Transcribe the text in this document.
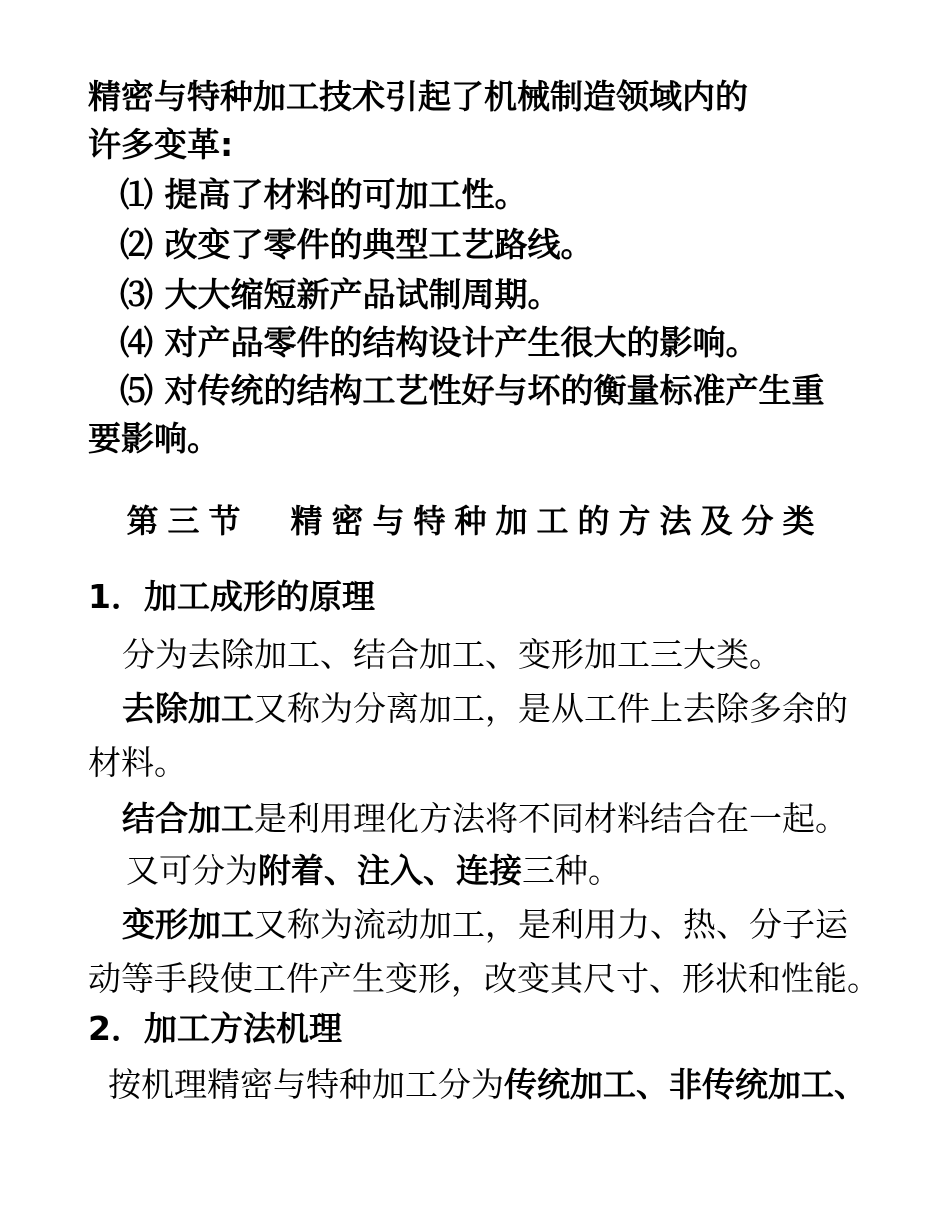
精密与特种加工技术引起了机械制造领域内的
许多变革:
⑴ 提高了材料的可加工性。
⑵ 改变了零件的典型工艺路线。
⑶ 大大缩短新产品试制周期。
⑷ 对产品零件的结构设计产生很大的影响。
⑸ 对传统的结构工艺性好与坏的衡量标准产生重
要影响。
第三节　精密与特种加工的方法及分类
1．加工成形的原理
分为去除加工、结合加工、变形加工三大类。
去除加工又称为分离加工，是从工件上去除多余的
材料。
结合加工是利用理化方法将不同材料结合在一起。
又可分为附着、注入、连接三种。
变形加工又称为流动加工，是利用力、热、分子运
动等手段使工件产生变形，改变其尺寸、形状和性能。
2．加工方法机理
按机理精密与特种加工分为传统加工、非传统加工、
